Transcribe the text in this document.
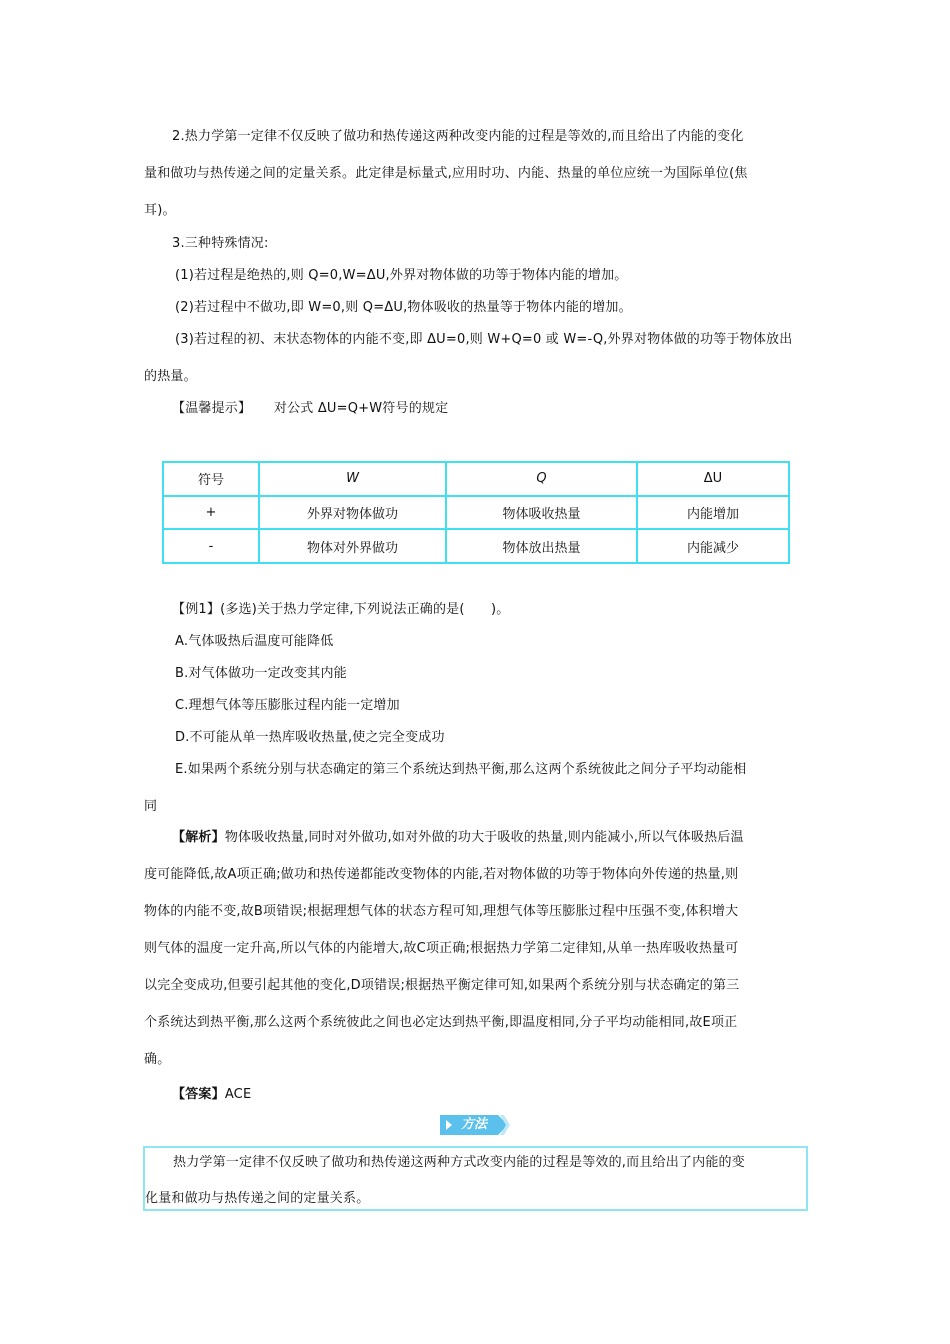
2.热力学第一定律不仅反映了做功和热传递这两种改变内能的过程是等效的,而且给出了内能的变化
量和做功与热传递之间的定量关系。此定律是标量式,应用时功、内能、热量的单位应统一为国际单位(焦
耳)。
3.三种特殊情况:
(1)若过程是绝热的,则 Q=0,W=ΔU,外界对物体做的功等于物体内能的增加。
(2)若过程中不做功,即 W=0,则 Q=ΔU,物体吸收的热量等于物体内能的增加。
(3)若过程的初、末状态物体的内能不变,即 ΔU=0,则 W+Q=0 或 W=-Q,外界对物体做的功等于物体放出
的热量。
【温馨提示】 对公式 ΔU=Q+W符号的规定
符号	W	Q	ΔU
+	外界对物体做功	物体吸收热量	内能增加
-	物体对外界做功	物体放出热量	内能减少
【例1】(多选)关于热力学定律,下列说法正确的是(　　)。
A.气体吸热后温度可能降低
B.对气体做功一定改变其内能
C.理想气体等压膨胀过程内能一定增加
D.不可能从单一热库吸收热量,使之完全变成功
E.如果两个系统分别与状态确定的第三个系统达到热平衡,那么这两个系统彼此之间分子平均动能相
同
【解析】物体吸收热量,同时对外做功,如对外做的功大于吸收的热量,则内能减小,所以气体吸热后温
度可能降低,故A项正确;做功和热传递都能改变物体的内能,若对物体做的功等于物体向外传递的热量,则
物体的内能不变,故B项错误;根据理想气体的状态方程可知,理想气体等压膨胀过程中压强不变,体积增大
则气体的温度一定升高,所以气体的内能增大,故C项正确;根据热力学第二定律知,从单一热库吸收热量可
以完全变成功,但要引起其他的变化,D项错误;根据热平衡定律可知,如果两个系统分别与状态确定的第三
个系统达到热平衡,那么这两个系统彼此之间也必定达到热平衡,即温度相同,分子平均动能相同,故E项正
确。
【答案】ACE
方法
热力学第一定律不仅反映了做功和热传递这两种方式改变内能的过程是等效的,而且给出了内能的变
化量和做功与热传递之间的定量关系。
